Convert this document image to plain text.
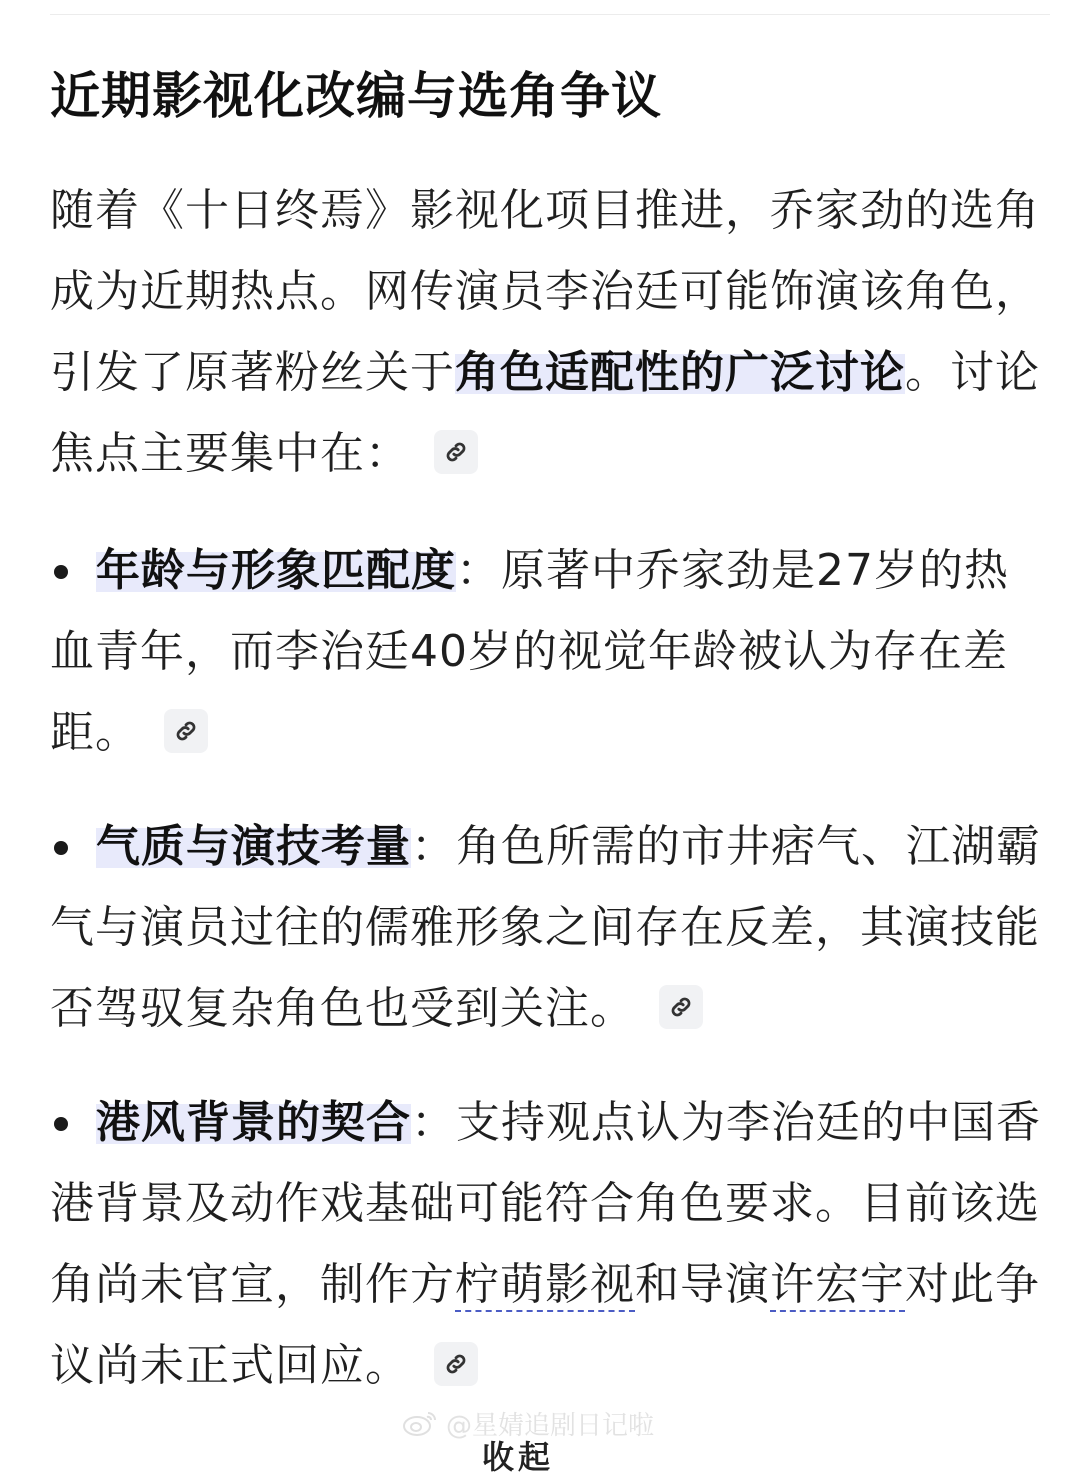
近期影视化改编与选角争议

随着《十日终焉》影视化项目推进，乔家劲的选角成为近期热点。网传演员李治廷可能饰演该角色，引发了原著粉丝关于角色适配性的广泛讨论。讨论焦点主要集中在：

年龄与形象匹配度：原著中乔家劲是27岁的热血青年，而李治廷40岁的视觉年龄被认为存在差距。

气质与演技考量：角色所需的市井痞气、江湖霸气与演员过往的儒雅形象之间存在反差，其演技能否驾驭复杂角色也受到关注。

港风背景的契合：支持观点认为李治廷的中国香港背景及动作戏基础可能符合角色要求。目前该选角尚未官宣，制作方柠萌影视和导演许宏宇对此争议尚未正式回应。

@星婧追剧日记啦
收起
